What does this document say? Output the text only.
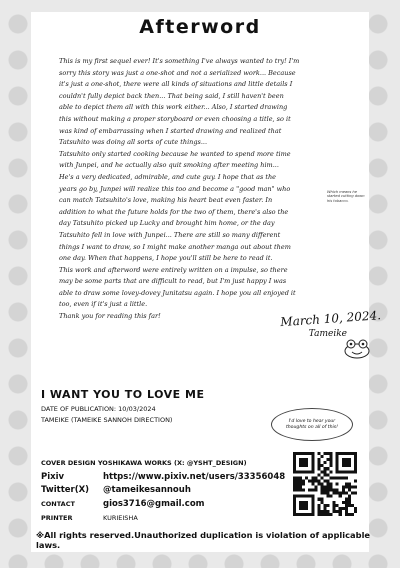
Afterword

This is my first sequel ever! It's something I've always wanted to try! I'm

sorry this story was just a one-shot and not a serialized work... Because

it's just a one-shot, there were all kinds of situations and little details I

couldn't fully depict back then... That being said, I still haven't been

able to depict them all with this work either... Also, I started drawing

this without making a proper storyboard or even choosing a title, so it

was kind of embarrassing when I started drawing and realized that

Tatsuhito was doing all sorts of cute things...

Tatsuhito only started cooking because he wanted to spend more time

with Junpei, and he actually also quit smoking after meeting him...

He's a very dedicated, admirable, and cute guy. I hope that as the

years go by, Junpei will realize this too and become a "good man" who

can match Tatsuhito's love, making his heart beat even faster. In

addition to what the future holds for the two of them, there's also the

day Tatsuhito picked up Lucky and brought him home, or the day

Tatsuhito fell in love with Junpei... There are still so many different

things I want to draw, so I might make another manga out about them

one day. When that happens, I hope you'll still be here to read it.

This work and afterword were entirely written on a impulse, so there

may be some parts that are difficult to read, but I'm just happy I was

able to draw some lovey-dovey Junitatsu again. I hope you all enjoyed it

too, even if it's just a little.

Thank you for reading this far!

Which means he started cutting down his tobacco.
March 10, 2024.
Tameike
I WANT YOU TO LOVE ME
DATE OF PUBLICATION: 10/03/2024
TAMEIKE (TAMEIKE SANNOH DIRECTION)	I'd love to hear your thoughts on all of this!
COVER DESIGN YOSHIKAWA WORKS (X: @YSHT_DESIGN)
Pixiv	https://www.pixiv.net/users/33356048
Twitter(X)	@tameikesannouh
CONTACT	gios3716@gmail.com
PRINTER	KURIEISHA
※All rights reserved.Unauthorized duplication is violation of applicable laws.
